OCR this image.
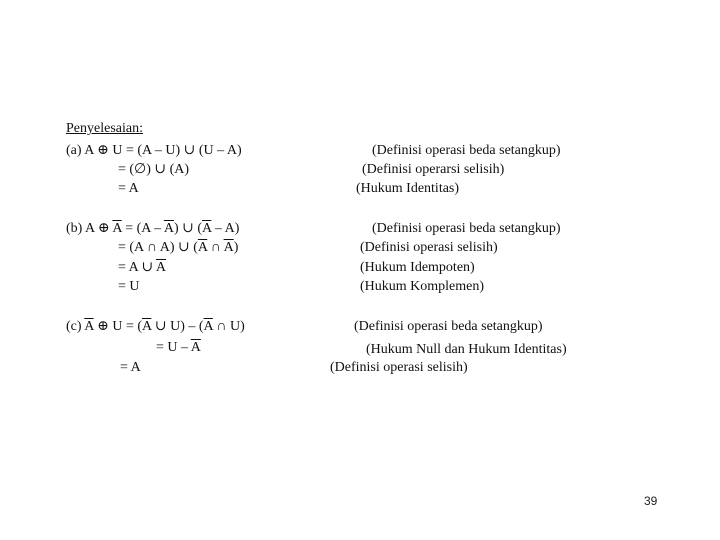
Penyelesaian:
(a) A ⊕ U = (A – U) ∪ (U – A)
= (∅) ∪ (A)
= A
(Definisi operasi beda setangkup)
(Definisi operarsi selisih)
(Hukum Identitas)
(b) A ⊕ $\overline{A} = (A - \overline{A})$ ∪ $(\overline{A} - A)$
= (A ∩ A) ∪ ($\overline{A}$ ∩ $\overline{A}$)
= A ∪ $\overline{A}$
= U
(Definisi operasi beda setangkup)
(Definisi operasi selisih)
(Hukum Idempoten)
(Hukum Komplemen)
(c) $\overline{A}$ ⊕ $U = (\overline{A}$ ∪ $U) - (\overline{A}$ ∩ U)
= U – $\overline{A}$
= A
(Definisi operasi beda setangkup)
(Hukum Null dan Hukum Identitas)
(Definisi operasi selisih)
39
